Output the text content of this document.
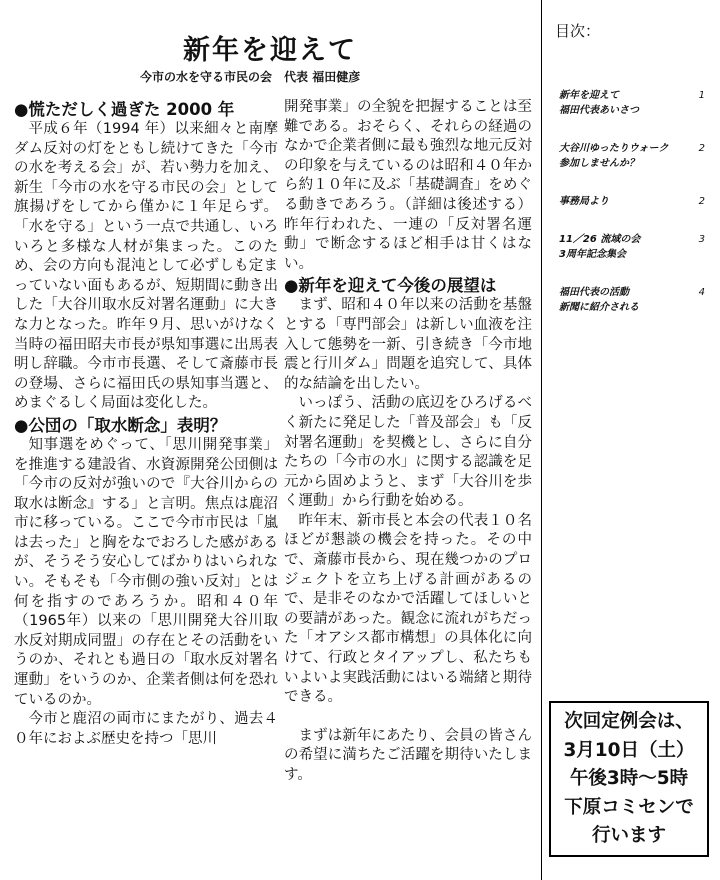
新年を迎えて
今市の水を守る市民の会 代表 福田健彦
●慌ただしく過ぎた 2000 年

平成６年（1994 年）以来細々と南摩ダム反対の灯をともし続けてきた「今市の水を考える会」が、若い勢力を加え、新生「今市の水を守る市民の会」として旗揚げをしてから僅かに１年足らず。「水を守る」という一点で共通し、いろいろと多様な人材が集まった。このため、会の方向も混沌として必ずしも定まっていない面もあるが、短期間に動き出した「大谷川取水反対署名運動」に大きな力となった。昨年９月、思いがけなく当時の福田昭夫市長が県知事選に出馬表明し辞職。今市市長選、そして斎藤市長の登場、さらに福田氏の県知事当選と、めまぐるしく局面は変化した。

●公団の「取水断念」表明？

知事選をめぐって、「思川開発事業」を推進する建設省、水資源開発公団側は「今市の反対が強いので『大谷川からの取水は断念』する」と言明。焦点は鹿沼市に移っている。ここで今市市民は「嵐は去った」と胸をなでおろした感があるが、そうそう安心してばかりはいられない。そもそも「今市側の強い反対」とは何を指すのであろうか。昭和４０年（1965年）以来の「思川開発大谷川取水反対期成同盟」の存在とその活動をいうのか、それとも過日の「取水反対署名運動」をいうのか、企業者側は何を恐れているのか。

今市と鹿沼の両市にまたがり、過去４０年におよぶ歴史を持つ「思川

開発事業」の全貌を把握することは至難である。おそらく、それらの経過のなかで企業者側に最も強烈な地元反対の印象を与えているのは昭和４０年から約１０年に及ぶ「基礎調査」をめぐる動きであろう。（詳細は後述する）昨年行われた、一連の「反対署名運動」で断念するほど相手は甘くはない。

●新年を迎えて今後の展望は

まず、昭和４０年以来の活動を基盤とする「専門部会」は新しい血液を注入して態勢を一新、引き続き「今市地震と行川ダム」問題を追究して、具体的な結論を出したい。

いっぽう、活動の底辺をひろげるべく新たに発足した「普及部会」も「反対署名運動」を契機とし、さらに自分たちの「今市の水」に関する認識を足元から固めようと、まず「大谷川を歩く運動」から行動を始める。

昨年末、新市長と本会の代表１０名ほどが懇談の機会を持った。その中で、斎藤市長から、現在幾つかのプロジェクトを立ち上げる計画があるので、是非そのなかで活躍してほしいとの要請があった。観念に流れがちだった「オアシス都市構想」の具体化に向けて、行政とタイアップし、私たちもいよいよ実践活動にはいる端緒と期待できる。

まずは新年にあたり、会員の皆さんの希望に満ちたご活躍を期待いたします。

目次：
新年を迎えて
福田代表あいさつ
1
大谷川ゆったりウォーク
参加しませんか？
2
事務局より	2
11／26 流域の会
3周年記念集会
3
福田代表の活動
新聞に紹介される
4
次回定例会は、
3月10日（土）
午後3時～5時
下原コミセンで
行います
